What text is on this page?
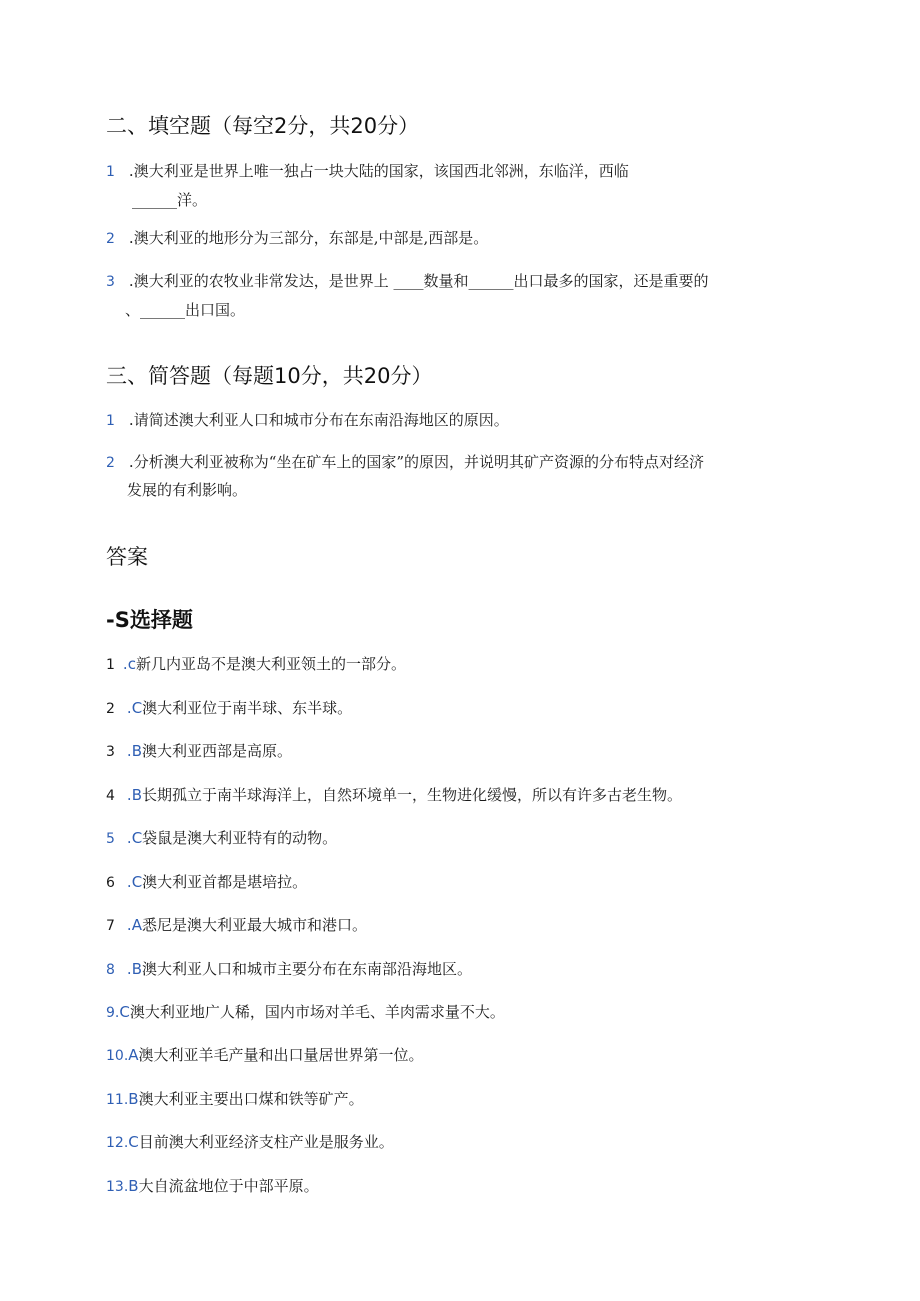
二、填空题（每空2分，共20分）
1 .澳大利亚是世界上唯一独占一块大陆的国家，该国西北邻洲，东临洋，西临
______洋。
2 .澳大利亚的地形分为三部分，东部是,中部是,西部是。
3 .澳大利亚的农牧业非常发达，是世界上 ____数量和______出口最多的国家，还是重要的
、______出口国。
三、简答题（每题10分，共20分）
1 .请简述澳大利亚人口和城市分布在东南沿海地区的原因。
2 .分析澳大利亚被称为“坐在矿车上的国家”的原因，并说明其矿产资源的分布特点对经济
发展的有利影响。
答案
-S选择题
1 .c新几内亚岛不是澳大利亚领土的一部分。
2 .C澳大利亚位于南半球、东半球。
3 .B澳大利亚西部是高原。
4 .B长期孤立于南半球海洋上，自然环境单一，生物进化缓慢，所以有许多古老生物。
5 .C袋鼠是澳大利亚特有的动物。
6 .C澳大利亚首都是堪培拉。
7 .A悉尼是澳大利亚最大城市和港口。
8 .B澳大利亚人口和城市主要分布在东南部沿海地区。
9.C澳大利亚地广人稀，国内市场对羊毛、羊肉需求量不大。
10.A澳大利亚羊毛产量和出口量居世界第一位。
11.B澳大利亚主要出口煤和铁等矿产。
12.C目前澳大利亚经济支柱产业是服务业。
13.B大自流盆地位于中部平原。
